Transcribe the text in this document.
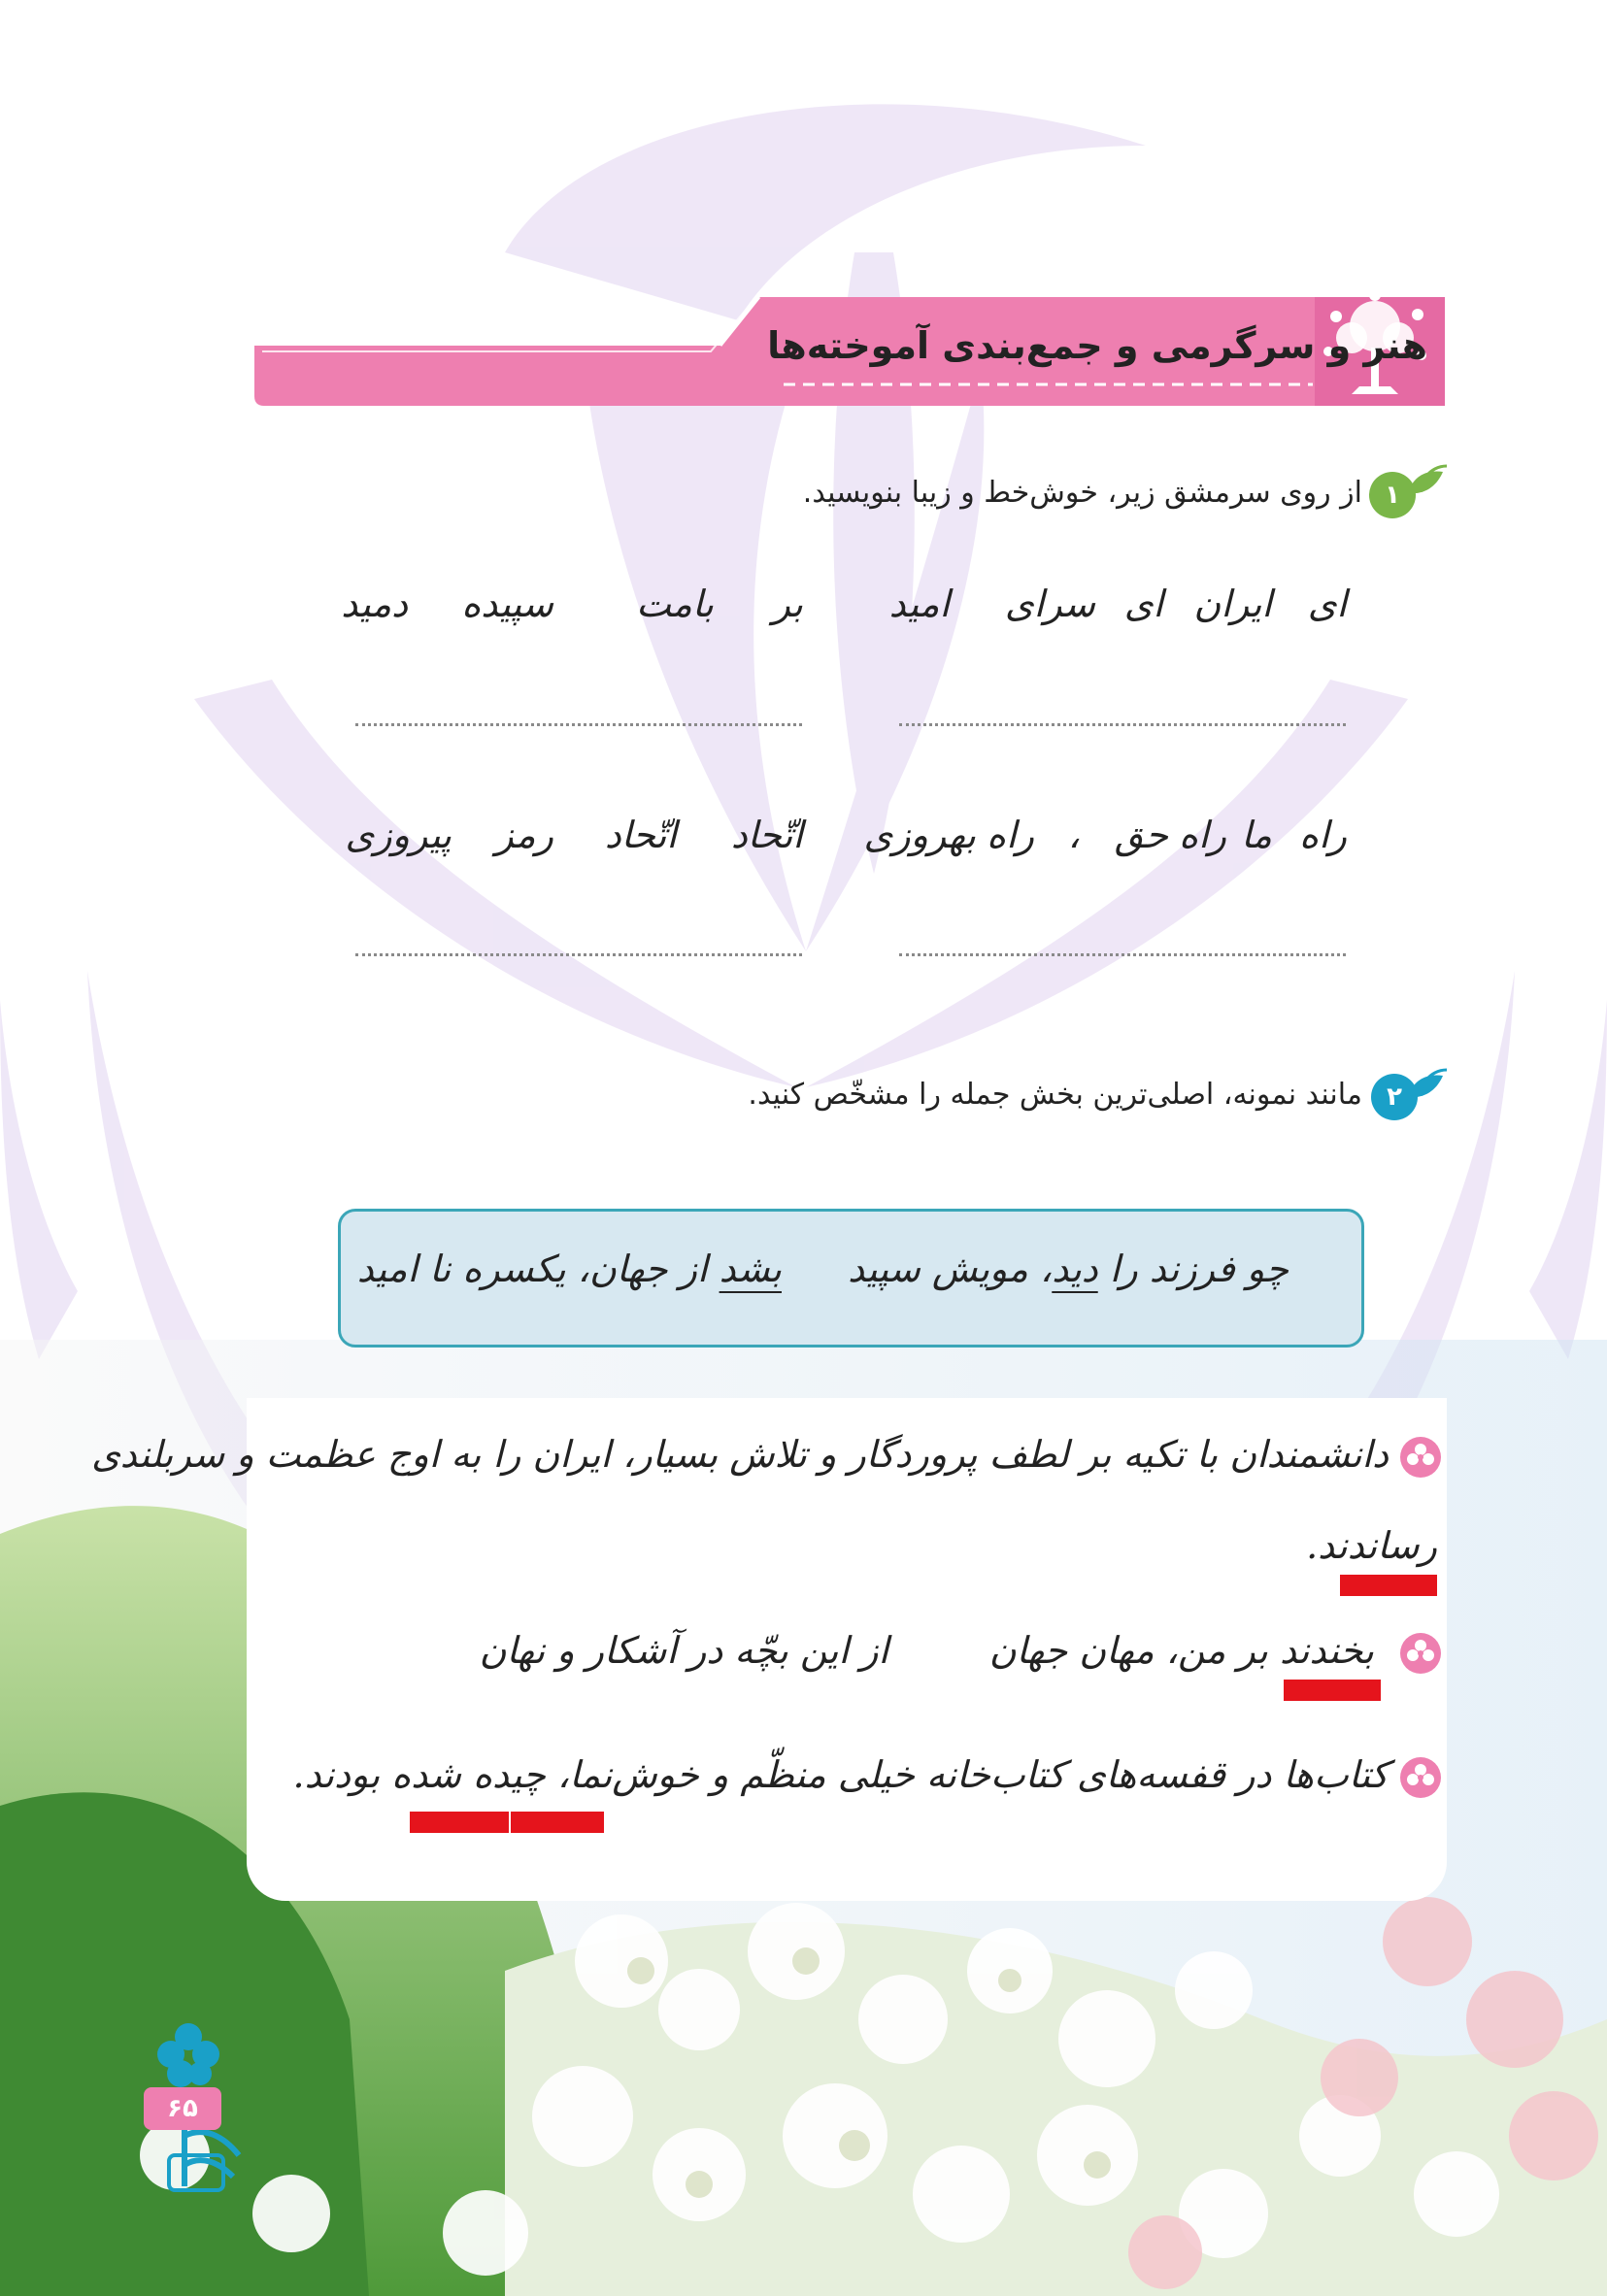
هنر و سرگرمی و جمع‌بندی آموخته‌ها
۱
از روی سرمشق زیر، خوش‌خط و زیبا بنویسید.
ای
ایران
ای
سرای
امید
بر
بامت
سپیده
دمید
راه
ما
راه
حق
،
راه
بهروزی
اتّحاد
اتّحاد
رمز
پیروزی
۲
مانند نمونه، اصلی‌ترین بخش جمله را مشخّص کنید.
چو فرزند را دید، مویش سپید
بشد از جهان، یکسره نا امید
دانشمندان با تکیه بر لطف پروردگار و تلاش بسیار، ایران را به اوج عظمت و سربلندی
رساندند.
بخندند بر من، مهان جهان
از این بچّه در آشکار و نهان
کتاب‌ها در قفسه‌های کتاب‌خانه خیلی منظّم و خوش‌نما، چیده شده بودند.
۶۵
